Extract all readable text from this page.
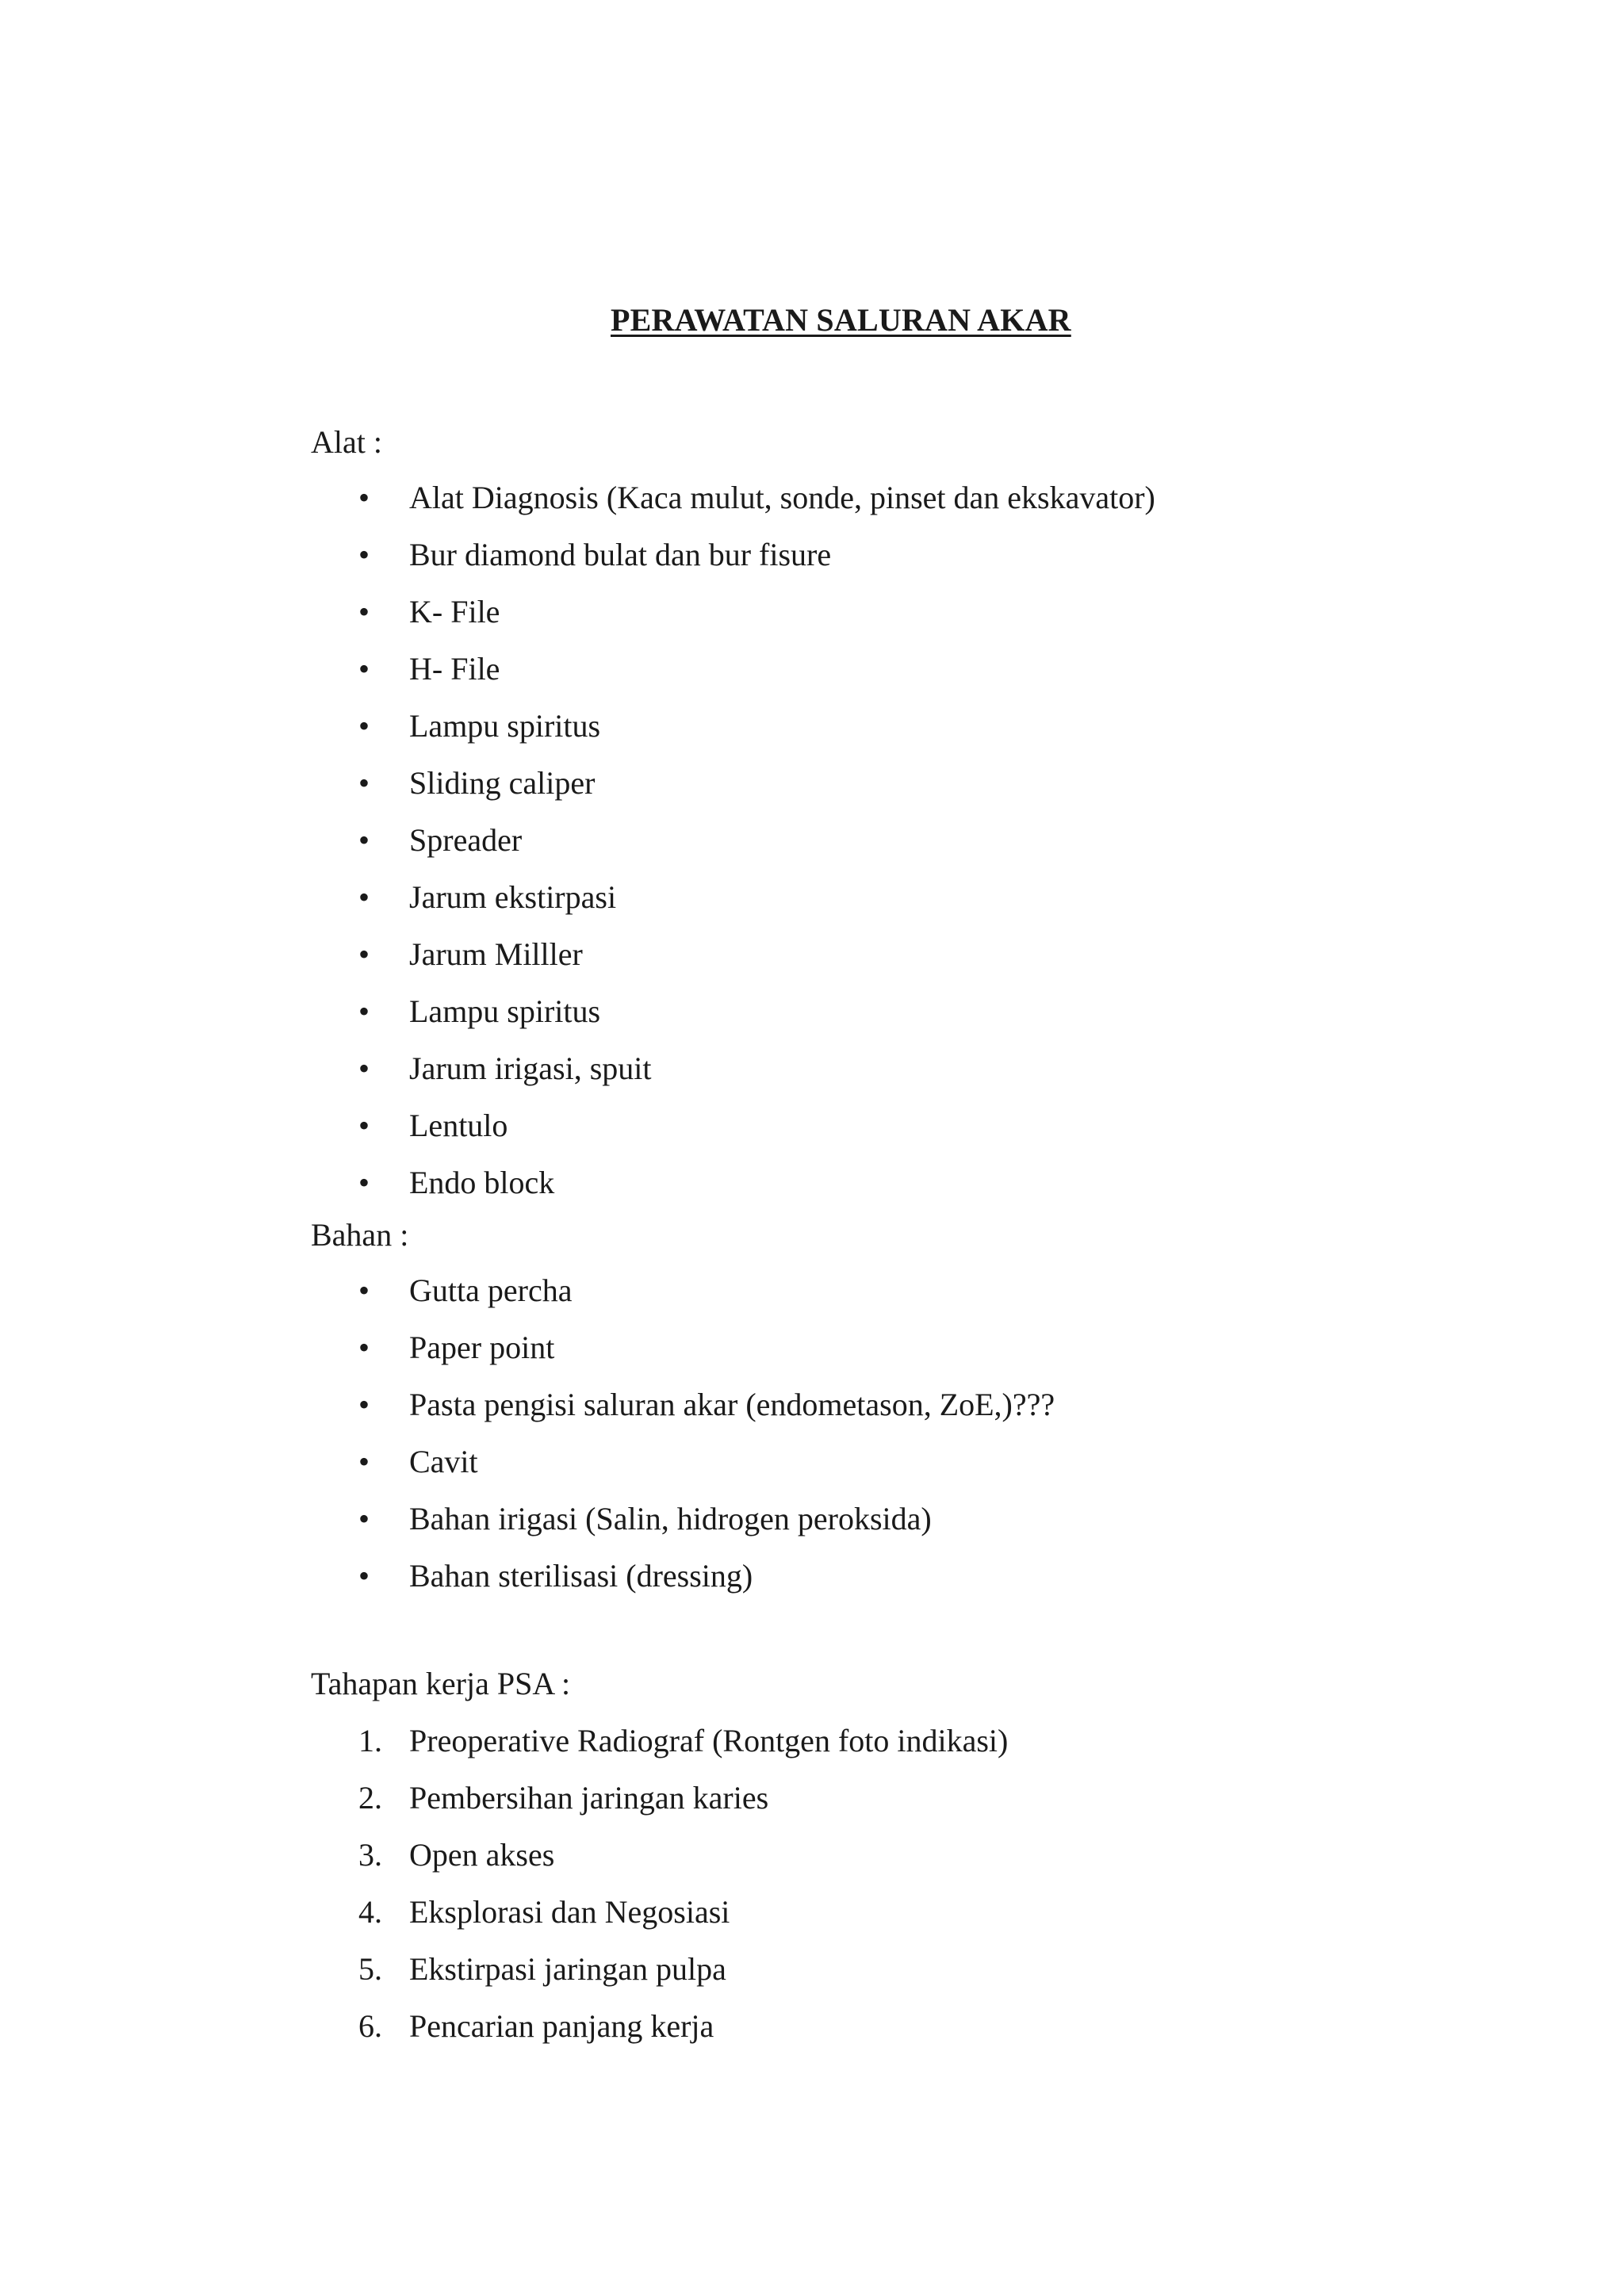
PERAWATAN SALURAN AKAR
Alat :
•	Alat Diagnosis (Kaca mulut, sonde, pinset dan ekskavator)
•	Bur diamond bulat dan bur fisure
•	K- File
•	H- File
•	Lampu spiritus
•	Sliding caliper
•	Spreader
•	Jarum ekstirpasi
•	Jarum Milller
•	Lampu spiritus
•	Jarum irigasi, spuit
•	Lentulo
•	Endo block
Bahan :
•	Gutta percha
•	Paper point
•	Pasta pengisi saluran akar (endometason, ZoE,)???
•	Cavit
•	Bahan irigasi (Salin, hidrogen peroksida)
•	Bahan sterilisasi (dressing)
Tahapan kerja PSA :
1. Preoperative Radiograf (Rontgen foto indikasi)
2. Pembersihan jaringan karies
3. Open akses
4. Eksplorasi dan Negosiasi
5. Ekstirpasi jaringan pulpa
6. Pencarian panjang kerja
